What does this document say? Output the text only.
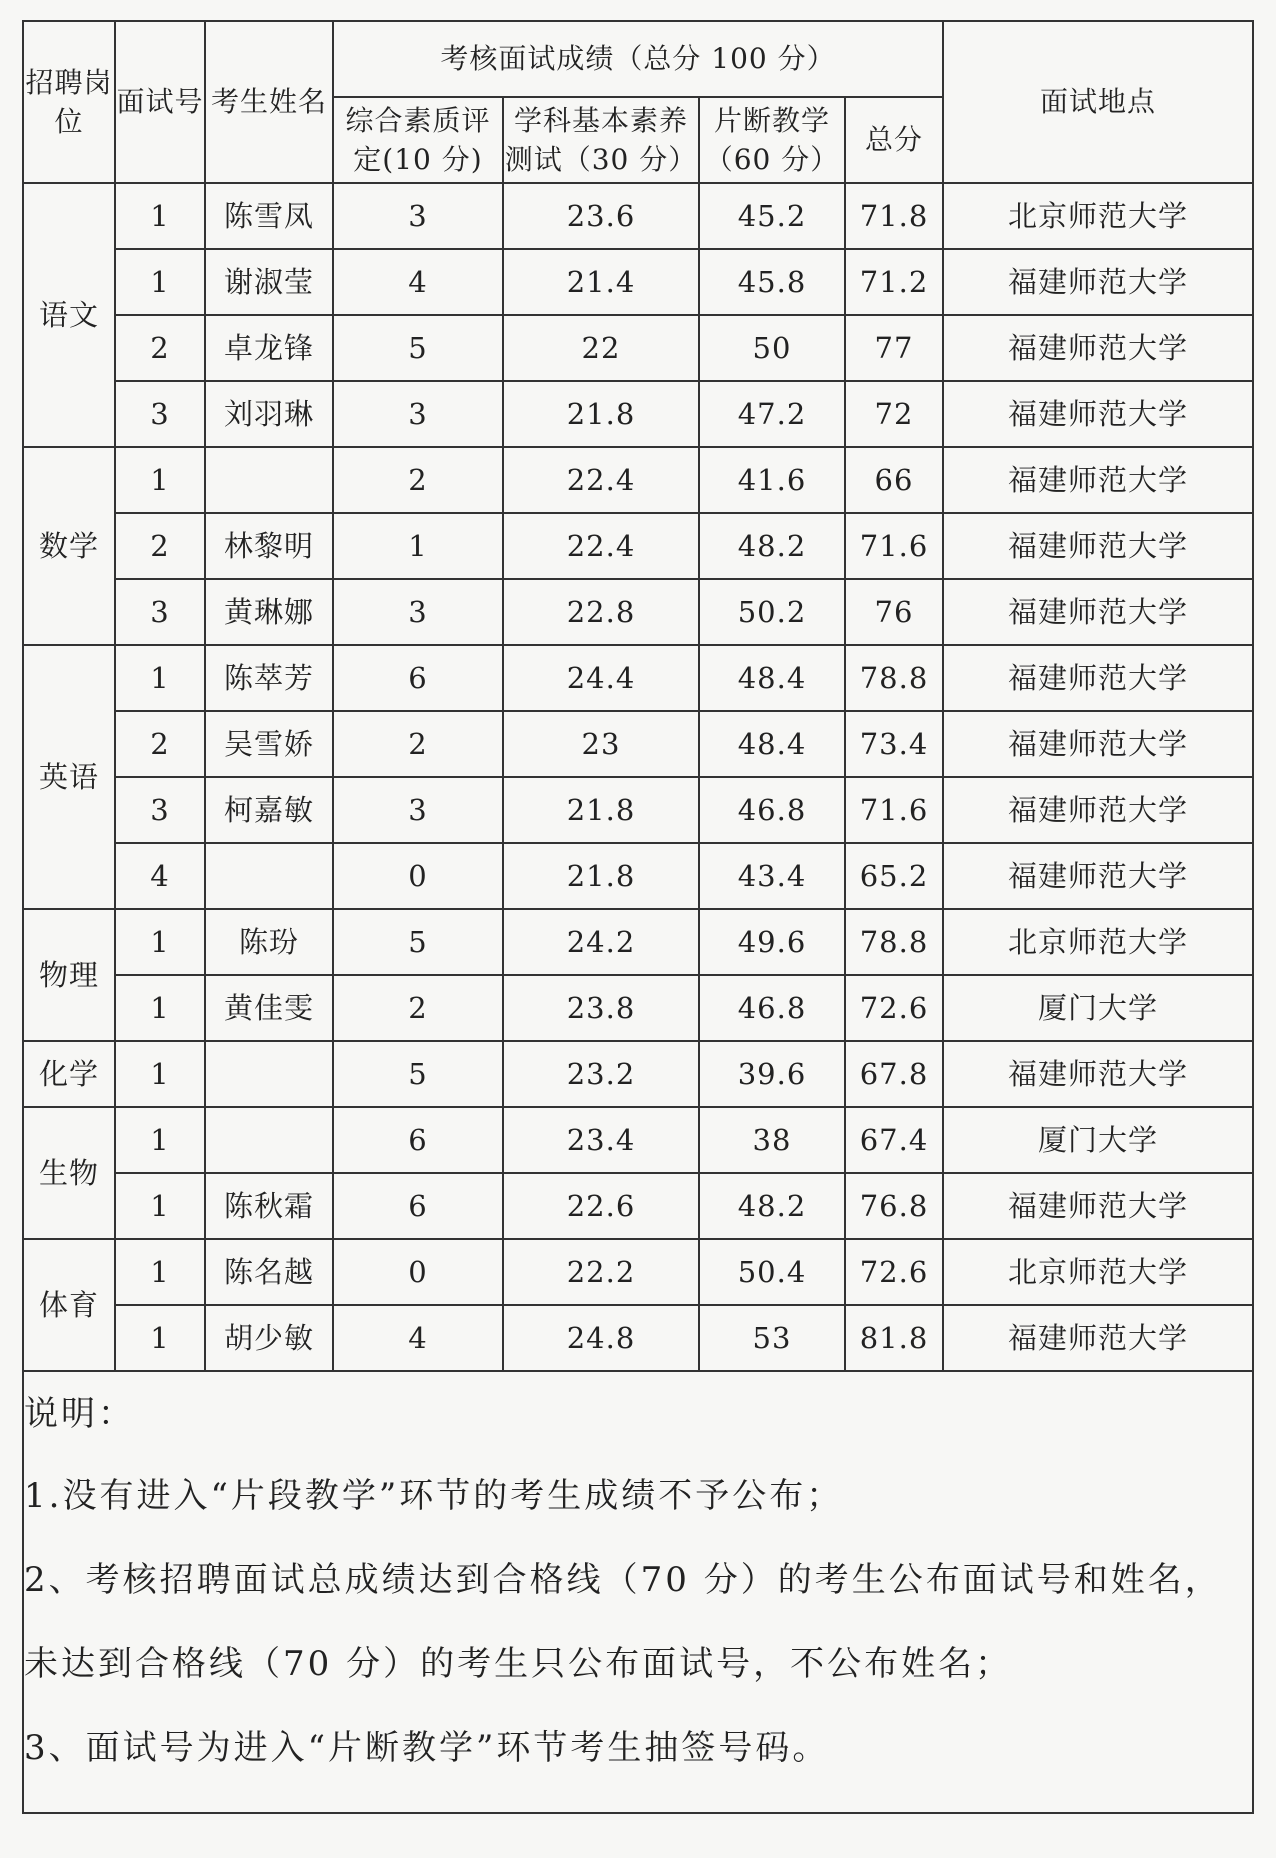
招聘岗位	面试号	考生姓名	考核面试成绩（总分 100 分）				面试地点
			综合素质评定(10 分)	学科基本素养测试（30 分）	片断教学（60 分）	总分	
语文	1	陈雪凤	3	23.6	45.2	71.8	北京师范大学
	1	谢淑莹	4	21.4	45.8	71.2	福建师范大学
	2	卓龙锋	5	22	50	77	福建师范大学
	3	刘羽琳	3	21.8	47.2	72	福建师范大学
数学	1		2	22.4	41.6	66	福建师范大学
	2	林黎明	1	22.4	48.2	71.6	福建师范大学
	3	黄琳娜	3	22.8	50.2	76	福建师范大学
英语	1	陈萃芳	6	24.4	48.4	78.8	福建师范大学
	2	吴雪娇	2	23	48.4	73.4	福建师范大学
	3	柯嘉敏	3	21.8	46.8	71.6	福建师范大学
	4		0	21.8	43.4	65.2	福建师范大学
物理	1	陈玢	5	24.2	49.6	78.8	北京师范大学
	1	黄佳雯	2	23.8	46.8	72.6	厦门大学
化学	1		5	23.2	39.6	67.8	福建师范大学
生物	1		6	23.4	38	67.4	厦门大学
	1	陈秋霜	6	22.6	48.2	76.8	福建师范大学
体育	1	陈名越	0	22.2	50.4	72.6	北京师范大学
	1	胡少敏	4	24.8	53	81.8	福建师范大学

说明：

1.没有进入“片段教学”环节的考生成绩不予公布；

2、考核招聘面试总成绩达到合格线（70 分）的考生公布面试号和姓名，

未达到合格线（70 分）的考生只公布面试号，不公布姓名；

3、面试号为进入“片断教学”环节考生抽签号码。							
